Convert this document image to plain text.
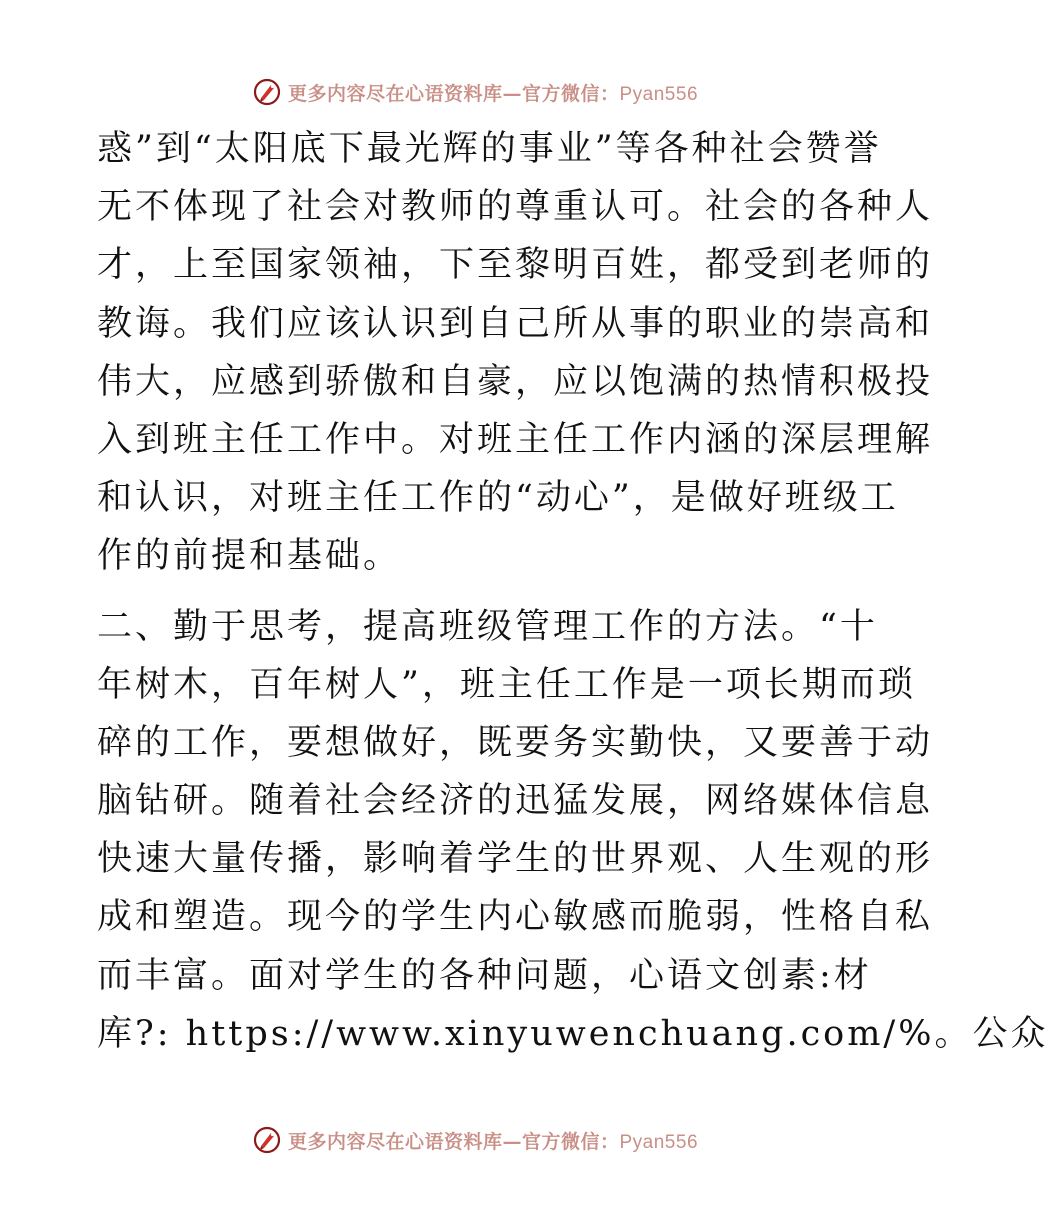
更多内容尽在心语资料库—官方微信：Pyan556
惑”到“太阳底下最光辉的事业”等各种社会赞誉
无不体现了社会对教师的尊重认可。社会的各种人
才，上至国家领袖，下至黎明百姓，都受到老师的
教诲。我们应该认识到自己所从事的职业的崇高和
伟大，应感到骄傲和自豪，应以饱满的热情积极投
入到班主任工作中。对班主任工作内涵的深层理解
和认识，对班主任工作的“动心”，是做好班级工
作的前提和基础。
二、勤于思考，提高班级管理工作的方法。“十
年树木，百年树人”，班主任工作是一项长期而琐
碎的工作，要想做好，既要务实勤快，又要善于动
脑钻研。随着社会经济的迅猛发展，网络媒体信息
快速大量传播，影响着学生的世界观、人生观的形
成和塑造。现今的学生内心敏感而脆弱，性格自私
而丰富。面对学生的各种问题，心语文创素:材
库?: https://www.xinyuwenchuang.com/%。公众
更多内容尽在心语资料库—官方微信：Pyan556
